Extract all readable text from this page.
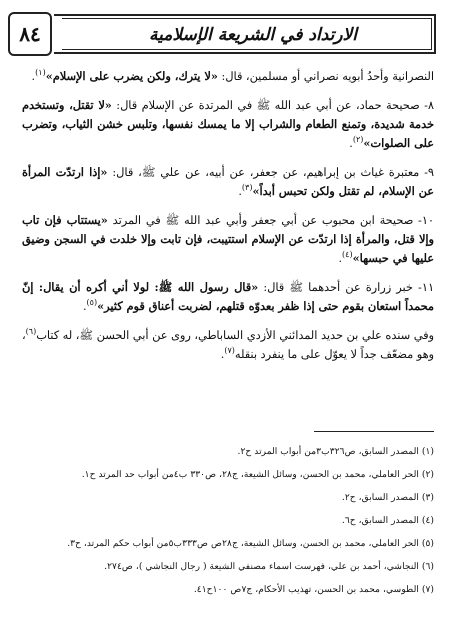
٨٤	الارتداد في الشريعة الإسلامية

النصرانية وأحدُ أبويه نصراني أو مسلمين، قال: «لا يترك، ولكن يضرب على الإسلام»$^{(١)}$.

٨- صحيحة حماد، عن أبي عبد الله ﷺ في المرتدة عن الإسلام قال: «لا تقتل، وتستخدم خدمة شديدة، وتمنع الطعام والشراب إلا ما يمسك نفسها، وتلبس خشن الثياب، وتضرب على الصلوات»$^{(٢)}$.

٩- معتبرة غياث بن إبراهيم، عن جعفر، عن أبيه، عن علي ﷺ، قال: «إذا ارتدّت المرأة عن الإسلام، لم تقتل ولكن تحبس أبداً»$^{(٣)}$.

١٠- صحيحة ابن محبوب عن أبي جعفر وأبي عبد الله ﷺ في المرتد «يستتاب فإن تاب وإلا قتل، والمرأة إذا ارتدّت عن الإسلام استتيبت، فإن تابت وإلا خلدت في السجن وضيق عليها في حبسها»$^{(٤)}$.

١١- خبر زرارة عن أحدهما ﷺ قال: «قال رسول الله ﷺ: لولا أني أكره أن يقال: إنّ محمداً استعان بقوم حتى إذا ظفر بعدوّه قتلهم، لضربت أعناق قوم كثير»$^{(٥)}$.

وفي سنده علي بن حديد المدائني الأزدي الساباطي، روى عن أبي الحسن ﷺ، له كتاب$^{(٦)}$، وهو مضعّف جداً لا يعوّل على ما ينفرد بنقله$^{(٧)}$.

(١) المصدر السابق، ص٣٢٦ب٣من أبواب المرتد ح٢.
(٢) الحر العاملي، محمد بن الحسن، وسائل الشيعة، ج٢٨، ص٣٣٠ ب٤من أبواب حد المرتد ح١.
(٣) المصدر السابق، ح٢.
(٤) المصدر السابق، ح٦.
(٥) الحر العاملي، محمد بن الحسن، وسائل الشيعة، ج٢٨ص ص٣٣٣ب٥من أبواب حكم المرتد، ح٣.
(٦) النجاشي، أحمد بن علي، فهرست اسماء مصنفي الشيعة ( رجال النجاشي )، ص٢٧٤.
(٧) الطوسي، محمد بن الحسن، تهذيب الأحكام، ج٧ص ١٠٠ح٤١.
